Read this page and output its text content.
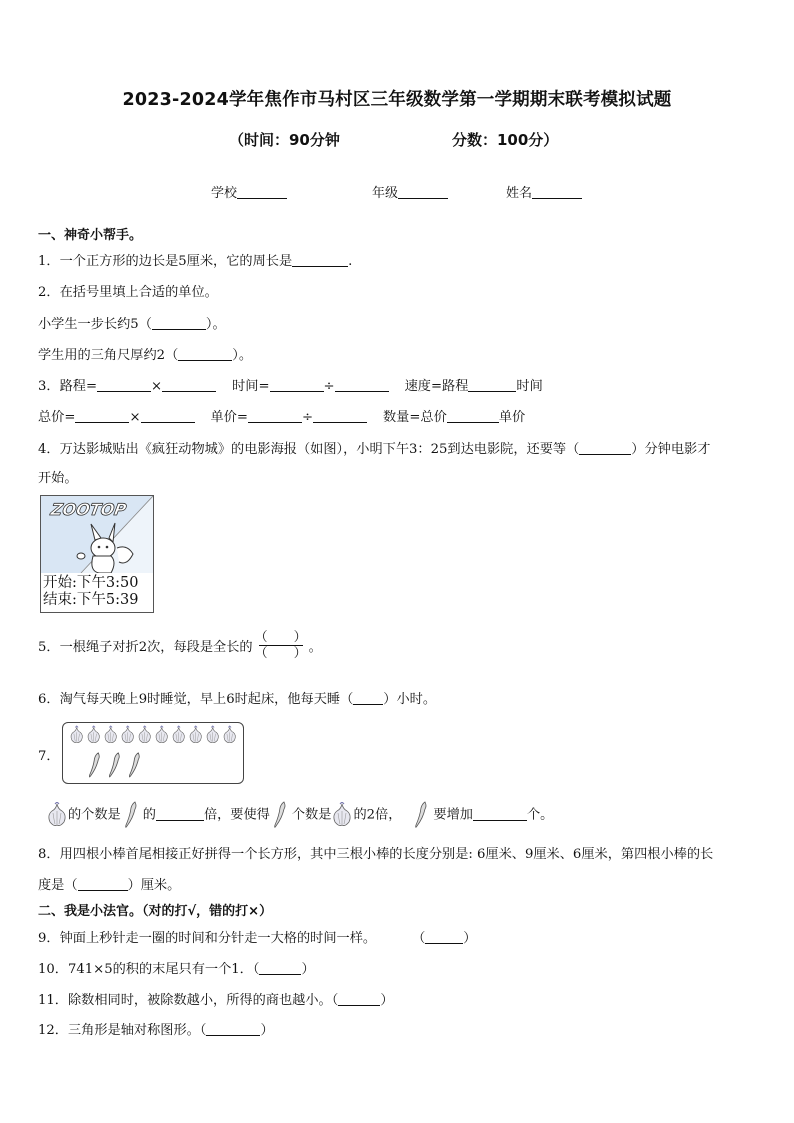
2023-2024学年焦作市马村区三年级数学第一学期期末联考模拟试题
（时间：90分钟	分数：100分）
学校	年级	姓名
一、神奇小帮手。
1．一个正方形的边长是5厘米，它的周长是	.
2．在括号里填上合适的单位。
小学生一步长约5（	）。
学生用的三角尺厚约2（	）。
3．路程=	×	时间=	÷	速度=路程	时间
总价=	×	单价=	÷	数量=总价	单价
4．万达影城贴出《疯狂动物城》的电影海报（如图），小明下午3：25到达电影院，还要等（	）分钟电影才
开始。
ZOOTOP
开始:下午3:50
结束:下午5:39
5．一根绳子对折2次，每段是全长的 $\frac{( )}{( )}$ 。
6．淘气每天晚上9时睡觉，早上6时起床，他每天睡（ ）小时。
7．
的个数是 的	倍，要使得 个数是 的2倍， 要增加	个。
8．用四根小棒首尾相接正好拼得一个长方形，其中三根小棒的长度分别是: 6厘米、9厘米、6厘米，第四根小棒的长
度是（	）厘米。
二、我是小法官。（对的打√，错的打×）
9．钟面上秒针走一圈的时间和分针走一大格的时间一样。	（	）
10．741×5的积的末尾只有一个1．（	）
11．除数相同时，被除数越小，所得的商也越小。（	）
12．三角形是轴对称图形。（	）
